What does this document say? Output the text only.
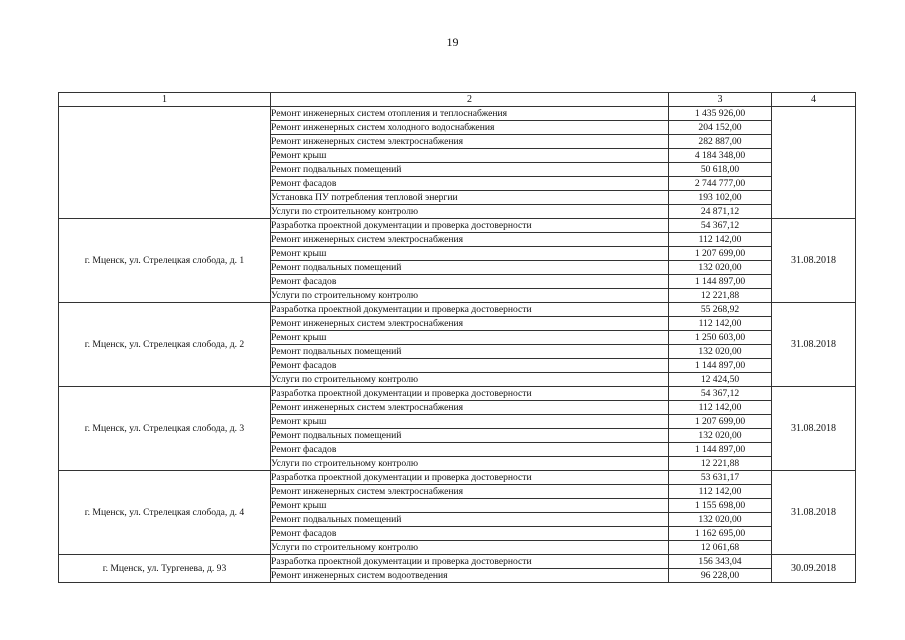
19
1	2	3	4
	Ремонт инженерных систем отопления и теплоснабжения	1 435 926,00	
	Ремонт инженерных систем холодного водоснабжения	204 152,00	
	Ремонт инженерных систем электроснабжения	282 887,00	
	Ремонт крыш	4 184 348,00	
	Ремонт подвальных помещений	50 618,00	
	Ремонт фасадов	2 744 777,00	
	Установка ПУ потребления тепловой энергии	193 102,00	
	Услуги по строительному контролю	24 871,12	
г. Мценск, ул. Стрелецкая слобода, д. 1	Разработка проектной документации и проверка достоверности	54 367,12	31.08.2018
	Ремонт инженерных систем электроснабжения	112 142,00	
	Ремонт крыш	1 207 699,00	
	Ремонт подвальных помещений	132 020,00	
	Ремонт фасадов	1 144 897,00	
	Услуги по строительному контролю	12 221,88	
г. Мценск, ул. Стрелецкая слобода, д. 2	Разработка проектной документации и проверка достоверности	55 268,92	31.08.2018
	Ремонт инженерных систем электроснабжения	112 142,00	
	Ремонт крыш	1 250 603,00	
	Ремонт подвальных помещений	132 020,00	
	Ремонт фасадов	1 144 897,00	
	Услуги по строительному контролю	12 424,50	
г. Мценск, ул. Стрелецкая слобода, д. 3	Разработка проектной документации и проверка достоверности	54 367,12	31.08.2018
	Ремонт инженерных систем электроснабжения	112 142,00	
	Ремонт крыш	1 207 699,00	
	Ремонт подвальных помещений	132 020,00	
	Ремонт фасадов	1 144 897,00	
	Услуги по строительному контролю	12 221,88	
г. Мценск, ул. Стрелецкая слобода, д. 4	Разработка проектной документации и проверка достоверности	53 631,17	31.08.2018
	Ремонт инженерных систем электроснабжения	112 142,00	
	Ремонт крыш	1 155 698,00	
	Ремонт подвальных помещений	132 020,00	
	Ремонт фасадов	1 162 695,00	
	Услуги по строительному контролю	12 061,68	
г. Мценск, ул. Тургенева, д. 93	Разработка проектной документации и проверка достоверности	156 343,04	30.09.2018
	Ремонт инженерных систем водоотведения	96 228,00	
